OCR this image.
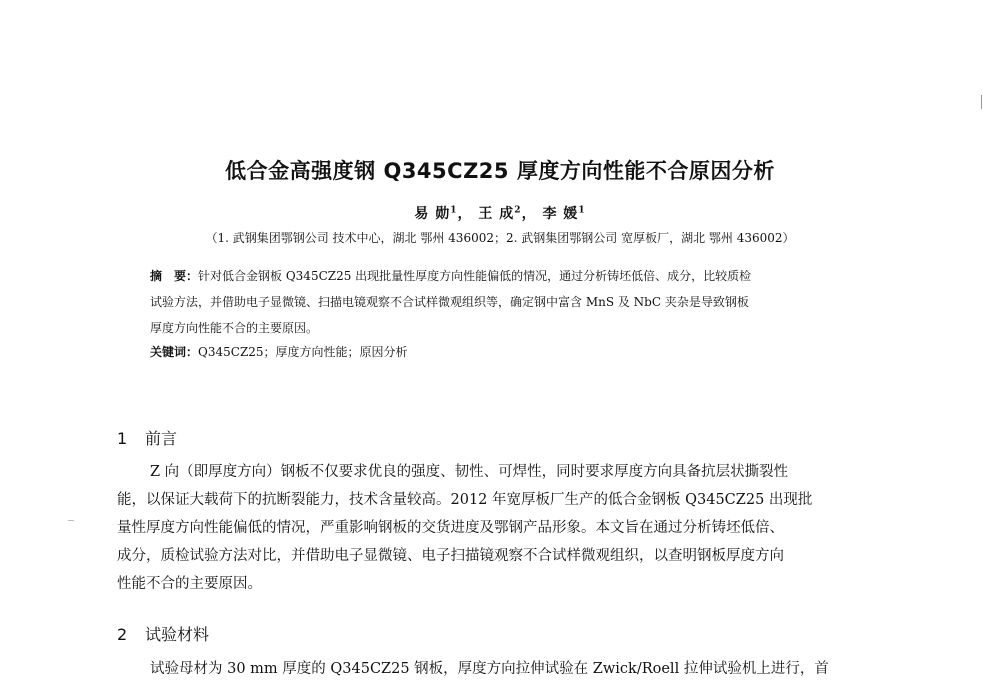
低合金高强度钢 Q345CZ25 厚度方向性能不合原因分析
易 勋$^1$， 王 成$^2$， 李 媛$^1$
（1. 武钢集团鄂钢公司 技术中心，湖北 鄂州 436002；2. 武钢集团鄂钢公司 宽厚板厂，湖北 鄂州 436002）
摘　要：针对低合金钢板 Q345CZ25 出现批量性厚度方向性能偏低的情况，通过分析铸坯低倍、成分，比较质检
试验方法，并借助电子显微镜、扫描电镜观察不合试样微观组织等，确定钢中富含 MnS 及 NbC 夹杂是导致钢板
厚度方向性能不合的主要原因。
关键词：Q345CZ25；厚度方向性能；原因分析
1 前言
Z 向（即厚度方向）钢板不仅要求优良的强度、韧性、可焊性，同时要求厚度方向具备抗层状撕裂性
能，以保证大载荷下的抗断裂能力，技术含量较高。2012 年宽厚板厂生产的低合金钢板 Q345CZ25 出现批
量性厚度方向性能偏低的情况，严重影响钢板的交货进度及鄂钢产品形象。本文旨在通过分析铸坯低倍、
成分，质检试验方法对比，并借助电子显微镜、电子扫描镜观察不合试样微观组织，以查明钢板厚度方向
性能不合的主要原因。
2 试验材料
试验母材为 30 mm 厚度的 Q345CZ25 钢板，厚度方向拉伸试验在 Zwick/Roell 拉伸试验机上进行，首
